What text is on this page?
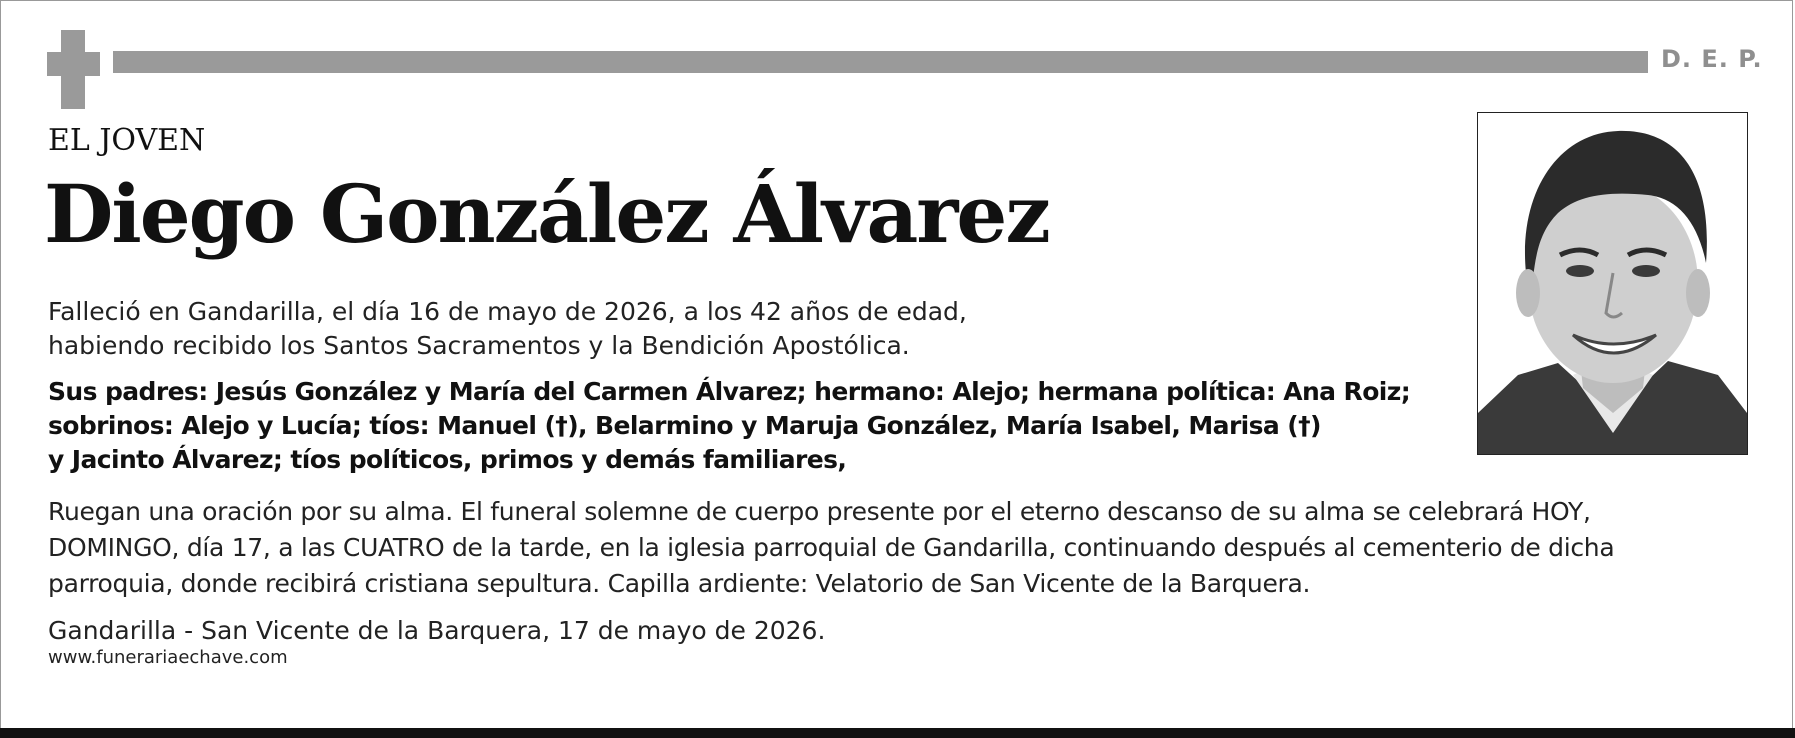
D. E. P.
EL JOVEN
Diego González Álvarez
Falleció en Gandarilla, el día 16 de mayo de 2026, a los 42 años de edad,
habiendo recibido los Santos Sacramentos y la Bendición Apostólica.
Sus padres: Jesús González y María del Carmen Álvarez; hermano: Alejo; hermana política: Ana Roiz;
sobrinos: Alejo y Lucía; tíos: Manuel (†), Belarmino y Maruja González, María Isabel, Marisa (†)
y Jacinto Álvarez; tíos políticos, primos y demás familiares,
Ruegan una oración por su alma. El funeral solemne de cuerpo presente por el eterno descanso de su alma se celebrará HOY,
DOMINGO, día 17, a las CUATRO de la tarde, en la iglesia parroquial de Gandarilla, continuando después al cementerio de dicha
parroquia, donde recibirá cristiana sepultura. Capilla ardiente: Velatorio de San Vicente de la Barquera.
Gandarilla - San Vicente de la Barquera, 17 de mayo de 2026.
www.funerariaechave.com
